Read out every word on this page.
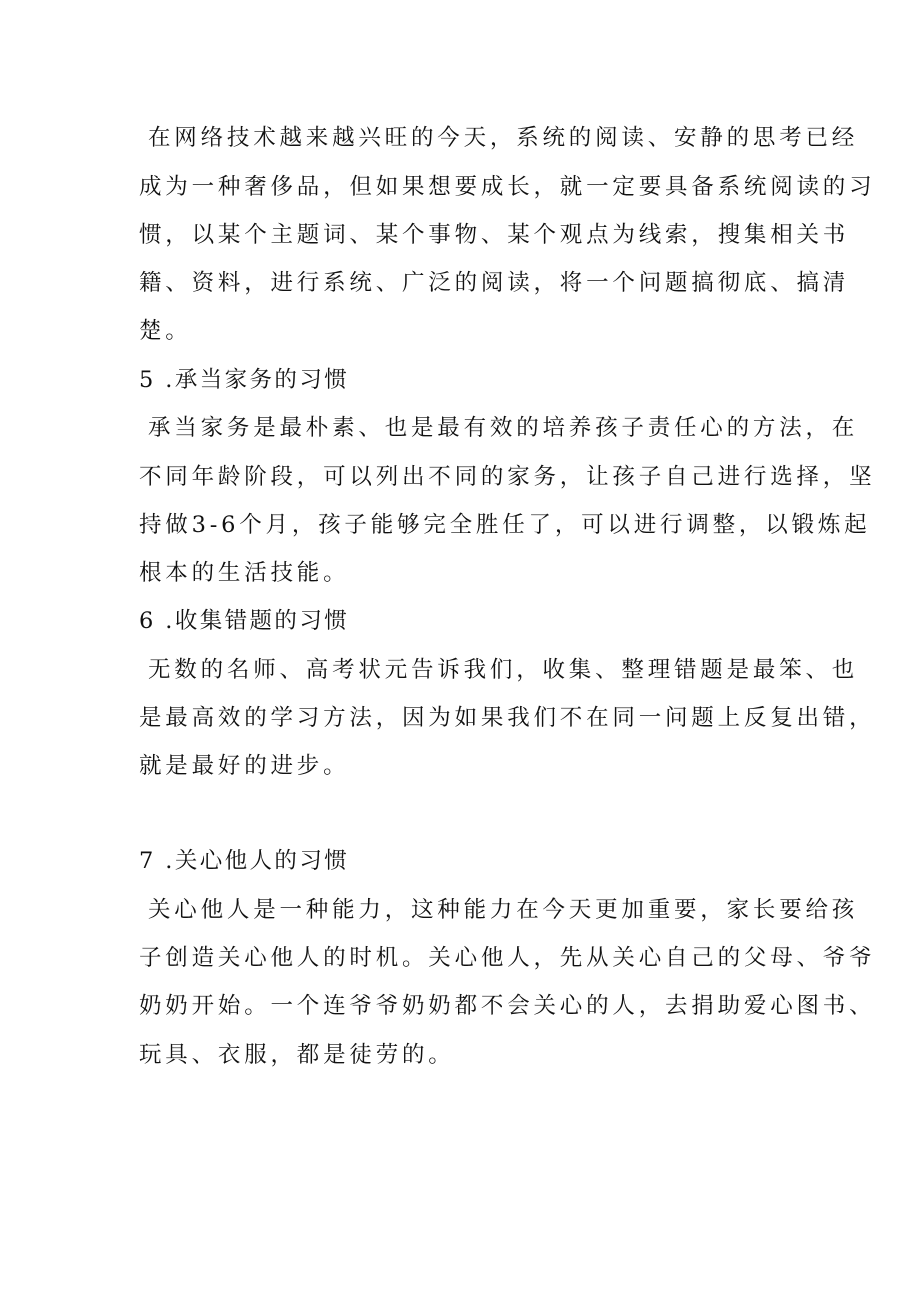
在网络技术越来越兴旺的今天，系统的阅读、安静的思考已经
成为一种奢侈品，但如果想要成长，就一定要具备系统阅读的习
惯，以某个主题词、某个事物、某个观点为线索，搜集相关书
籍、资料，进行系统、广泛的阅读，将一个问题搞彻底、搞清
楚。
5 .承当家务的习惯
承当家务是最朴素、也是最有效的培养孩子责任心的方法，在
不同年龄阶段，可以列出不同的家务，让孩子自己进行选择，坚
持做3-6个月，孩子能够完全胜任了，可以进行调整，以锻炼起
根本的生活技能。
6 .收集错题的习惯
无数的名师、高考状元告诉我们，收集、整理错题是最笨、也
是最高效的学习方法，因为如果我们不在同一问题上反复出错，
就是最好的进步。
7 .关心他人的习惯
关心他人是一种能力，这种能力在今天更加重要，家长要给孩
子创造关心他人的时机。关心他人，先从关心自己的父母、爷爷
奶奶开始。一个连爷爷奶奶都不会关心的人，去捐助爱心图书、
玩具、衣服，都是徒劳的。
